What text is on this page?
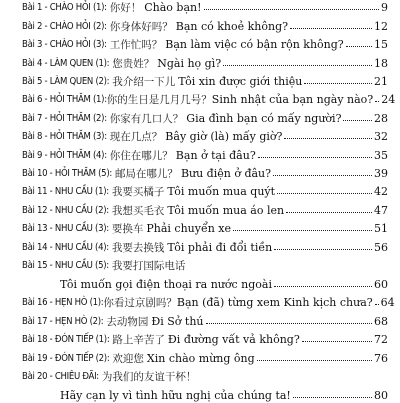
Bài 1 - CHÀO HỎI (1): 你好！ Chào bạn!	9
Bài 2 - CHÀO HỎI (2): 你身体好吗？ Bạn có khoẻ không?	12
Bài 3 - CHÀO HỎI (3): 工作忙吗？ Bạn làm việc có bận rộn không?	15
Bài 4 - LÀM QUEN (1): 您贵姓？ Ngài họ gì?	18
Bài 5 - LÀM QUEN (2): 我介绍一下儿 Tôi xin được giới thiệu	21
Bài 6 - HỎI THĂM (1): 你的生日是几月几号？ Sinh nhật của bạn ngày nào? 24
Bài 7 - HỎI THĂM (2): 你家有几口人？ Gia đình bạn có mấy người?	28
Bài 8 - HỎI THĂM (3): 现在几点？ Bây giờ (là) mấy giờ?	32
Bài 9 - HỎI THĂM (4): 你住在哪儿？ Bạn ở tại đâu?	35
Bài 10 - HỎI THĂM (5): 邮局在哪儿？ Bưu điện ở đâu?	39
Bài 11 - NHU CẦU (1): 我要买橘子 Tôi muốn mua quýt	42
Bài 12 - NHU CẦU (2): 我想买毛衣 Tôi muốn mua áo len	47
Bài 13 - NHU CẦU (3): 要换车 Phải chuyển xe	51
Bài 14 - NHU CẦU (4): 我要去换钱 Tôi phải đi đổi tiền	56
Bài 15 - NHU CẦU (5): 我要打国际电话
Tôi muốn gọi điện thoại ra nước ngoài	60
Bài 16 - HẸN HÒ (1): 你看过京剧吗？ Bạn (đã) từng xem Kinh kịch chưa? 64
Bài 17 - HẸN HÒ (2): 去动物园 Đi Sở thú	68
Bài 18 - ĐÓN TIẾP (1): 路上辛苦了 Đi đường vất vả không?	72
Bài 19 - ĐÓN TIẾP (2): 欢迎您 Xin chào mừng ông	76
Bài 20 - CHIÊU ĐÃI: 为我们的友谊干杯！
Hãy cạn ly vì tình hữu nghị của chúng ta!	80
